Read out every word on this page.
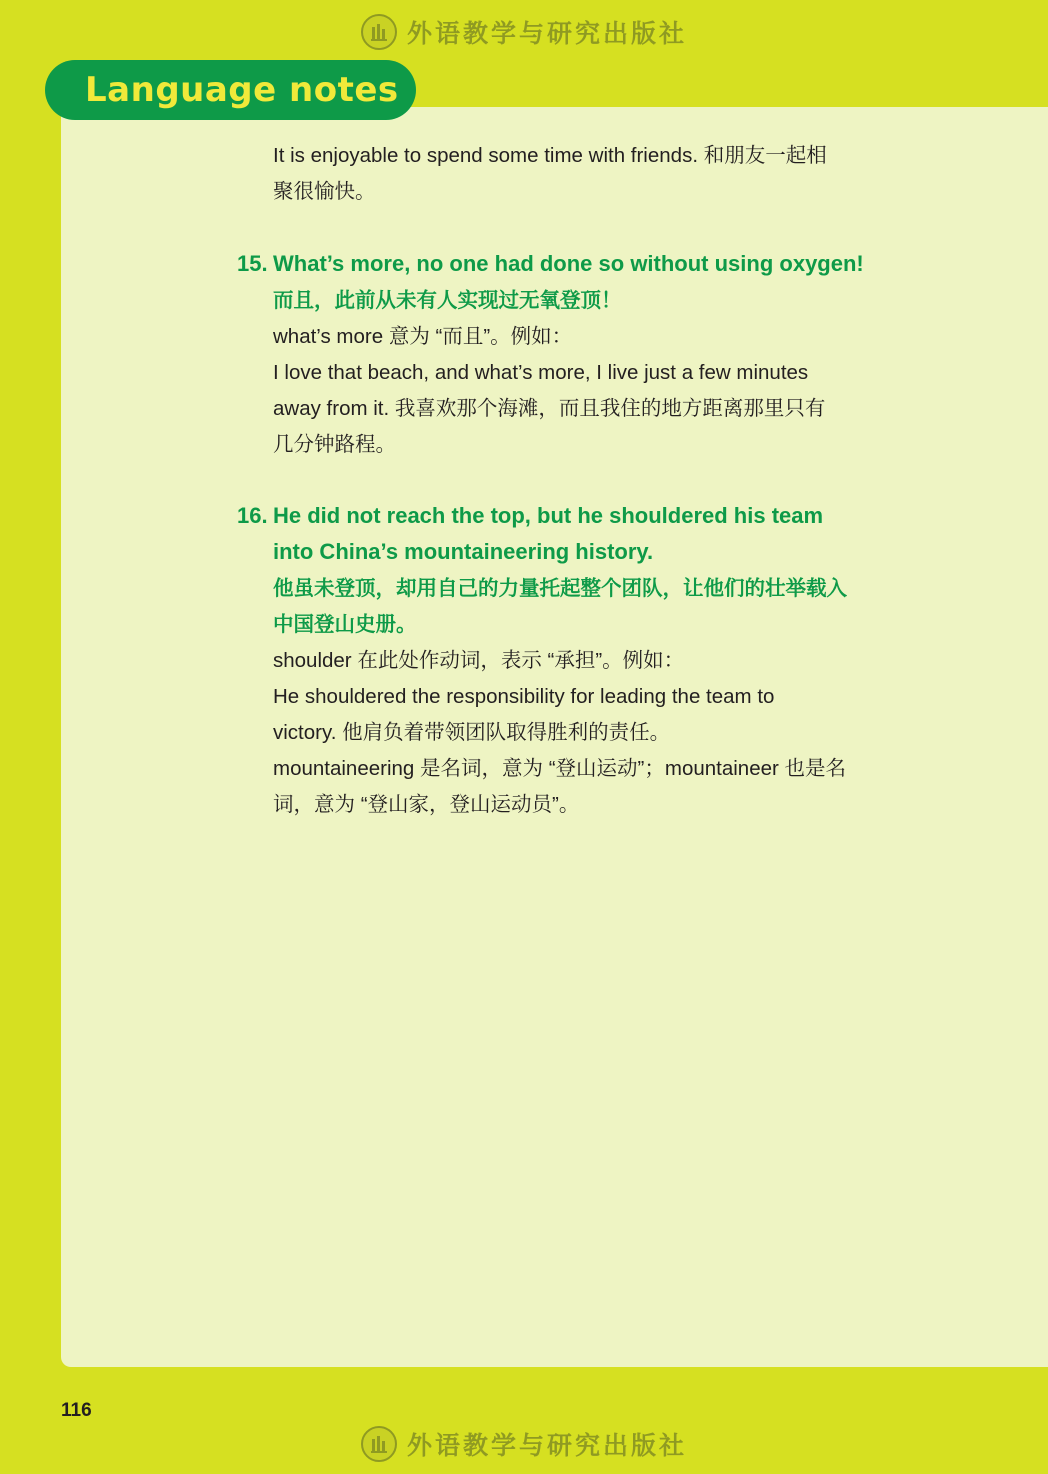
外语教学与研究出版社
Language notes
It is enjoyable to spend some time with friends. 和朋友一起相
聚很愉快。
15. What’s more, no one had done so without using oxygen!
而且，此前从未有人实现过无氧登顶！
what’s more 意为 “而且”。例如：
I love that beach, and what’s more, I live just a few minutes
away from it. 我喜欢那个海滩，而且我住的地方距离那里只有
几分钟路程。
16. He did not reach the top, but he shouldered his team
into China’s mountaineering history.
他虽未登顶，却用自己的力量托起整个团队，让他们的壮举载入
中国登山史册。
shoulder 在此处作动词，表示 “承担”。例如：
He shouldered the responsibility for leading the team to
victory. 他肩负着带领团队取得胜利的责任。
mountaineering 是名词，意为 “登山运动”；mountaineer 也是名
词，意为 “登山家，登山运动员”。
116
外语教学与研究出版社
